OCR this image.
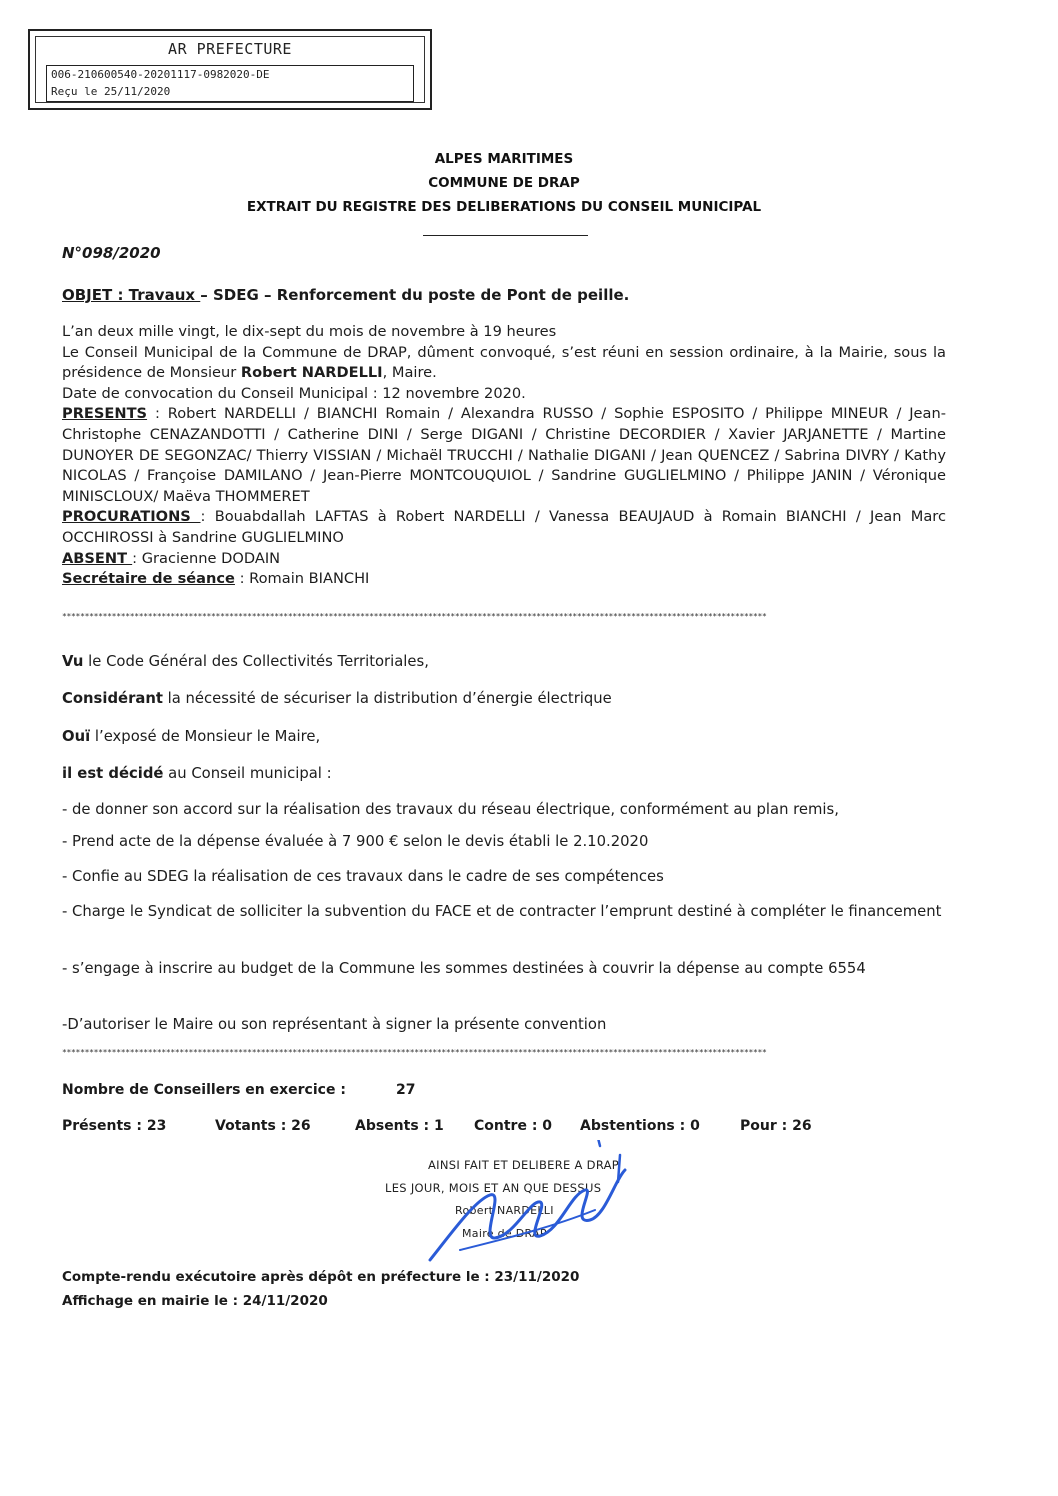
AR PREFECTURE
006-210600540-20201117-0982020-DE
Reçu le 25/11/2020
ALPES MARITIMES
COMMUNE DE DRAP
EXTRAIT DU REGISTRE DES DELIBERATIONS DU CONSEIL MUNICIPAL
N°098/2020
OBJET : Travaux – SDEG – Renforcement du poste de Pont de peille.

L’an deux mille vingt, le dix-sept du mois de novembre à 19 heures

Le Conseil Municipal de la Commune de DRAP, dûment convoqué, s’est réuni en session ordinaire, à la Mairie, sous la présidence de Monsieur Robert NARDELLI, Maire.

Date de convocation du Conseil Municipal : 12 novembre 2020.

PRESENTS : Robert NARDELLI / BIANCHI Romain / Alexandra RUSSO / Sophie ESPOSITO / Philippe MINEUR / Jean-Christophe CENAZANDOTTI / Catherine DINI / Serge DIGANI / Christine DECORDIER / Xavier JARJANETTE / Martine DUNOYER DE SEGONZAC/ Thierry VISSIAN / Michaël TRUCCHI / Nathalie DIGANI / Jean QUENCEZ / Sabrina DIVRY / Kathy NICOLAS / Françoise DAMILANO / Jean-Pierre MONTCOUQUIOL / Sandrine GUGLIELMINO / Philippe JANIN / Véronique MINISCLOUX/ Maëva THOMMERET

PROCURATIONS : Bouabdallah LAFTAS à Robert NARDELLI / Vanessa BEAUJAUD à Romain BIANCHI / Jean Marc OCCHIROSSI à Sandrine GUGLIELMINO

ABSENT : Gracienne DODAIN

Secrétaire de séance : Romain BIANCHI

************************************************************************************************************************************************************
Vu le Code Général des Collectivités Territoriales,
Considérant la nécessité de sécuriser la distribution d’énergie électrique
Ouï l’exposé de Monsieur le Maire,
il est décidé au Conseil municipal :
- de donner son accord sur la réalisation des travaux du réseau électrique, conformément au plan remis,
- Prend acte de la dépense évaluée à 7 900 € selon le devis établi le 2.10.2020
- Confie au SDEG la réalisation de ces travaux dans le cadre de ses compétences
- Charge le Syndicat de solliciter la subvention du FACE et de contracter l’emprunt destiné à compléter le financement
- s’engage à inscrire au budget de la Commune les sommes destinées à couvrir la dépense au compte 6554
-D’autoriser le Maire ou son représentant à signer la présente convention
************************************************************************************************************************************************************
Nombre de Conseillers en exercice :	27
Présents : 23	Votants : 26	Absents : 1 Contre : 0 Abstentions : 0	Pour : 26
AINSI FAIT ET DELIBERE A DRAP
LES JOUR, MOIS ET AN QUE DESSUS
Robert NARDELLI
Maire de DRAP
Compte-rendu exécutoire après dépôt en préfecture le : 23/11/2020
Affichage en mairie le : 24/11/2020
